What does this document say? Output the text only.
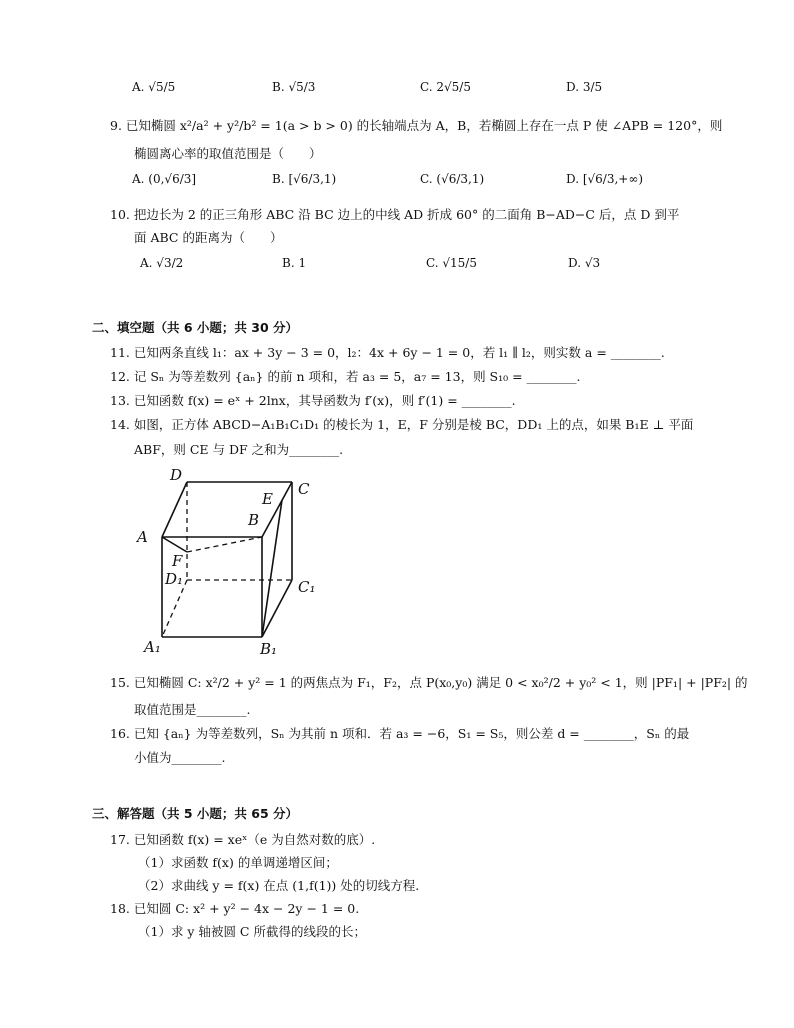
A. √5/5	B. √5/3	C. 2√5/5	D. 3/5
9. 已知椭圆 x²/a² + y²/b² = 1(a > b > 0) 的长轴端点为 A，B，若椭圆上存在一点 P 使 ∠APB = 120°，则
椭圆离心率的取值范围是（　　）
A. (0,√6/3]	B. [√6/3,1)	C. (√6/3,1)	D. [√6/3,+∞)
10. 把边长为 2 的正三角形 ABC 沿 BC 边上的中线 AD 折成 60° 的二面角 B−AD−C 后，点 D 到平
面 ABC 的距离为（　　）
A. √3/2	B. 1	C. √15/5	D. √3
二、填空题（共 6 小题；共 30 分）
11. 已知两条直线 l₁：ax + 3y − 3 = 0，l₂：4x + 6y − 1 = 0，若 l₁ ∥ l₂，则实数 a = ________.
12. 记 Sₙ 为等差数列 {aₙ} 的前 n 项和，若 a₃ = 5，a₇ = 13，则 S₁₀ = ________.
13. 已知函数 f(x) = eˣ + 2lnx，其导函数为 f′(x)，则 f′(1) = ________.
14. 如图，正方体 ABCD−A₁B₁C₁D₁ 的棱长为 1，E，F 分别是棱 BC，DD₁ 上的点，如果 B₁E ⊥ 平面
ABF，则 CE 与 DF 之和为________.
D
C
E
B
A
F
D₁	C₁
A₁	B₁
15. 已知椭圆 C: x²/2 + y² = 1 的两焦点为 F₁，F₂，点 P(x₀,y₀) 满足 0 < x₀²/2 + y₀² < 1，则 |PF₁| + |PF₂| 的
取值范围是________.
16. 已知 {aₙ} 为等差数列，Sₙ 为其前 n 项和．若 a₃ = −6，S₁ = S₅，则公差 d = ________，Sₙ 的最
小值为________.
三、解答题（共 5 小题；共 65 分）
17. 已知函数 f(x) = xeˣ（e 为自然对数的底）.
（1）求函数 f(x) 的单调递增区间；
（2）求曲线 y = f(x) 在点 (1,f(1)) 处的切线方程.
18. 已知圆 C: x² + y² − 4x − 2y − 1 = 0.
（1）求 y 轴被圆 C 所截得的线段的长；
